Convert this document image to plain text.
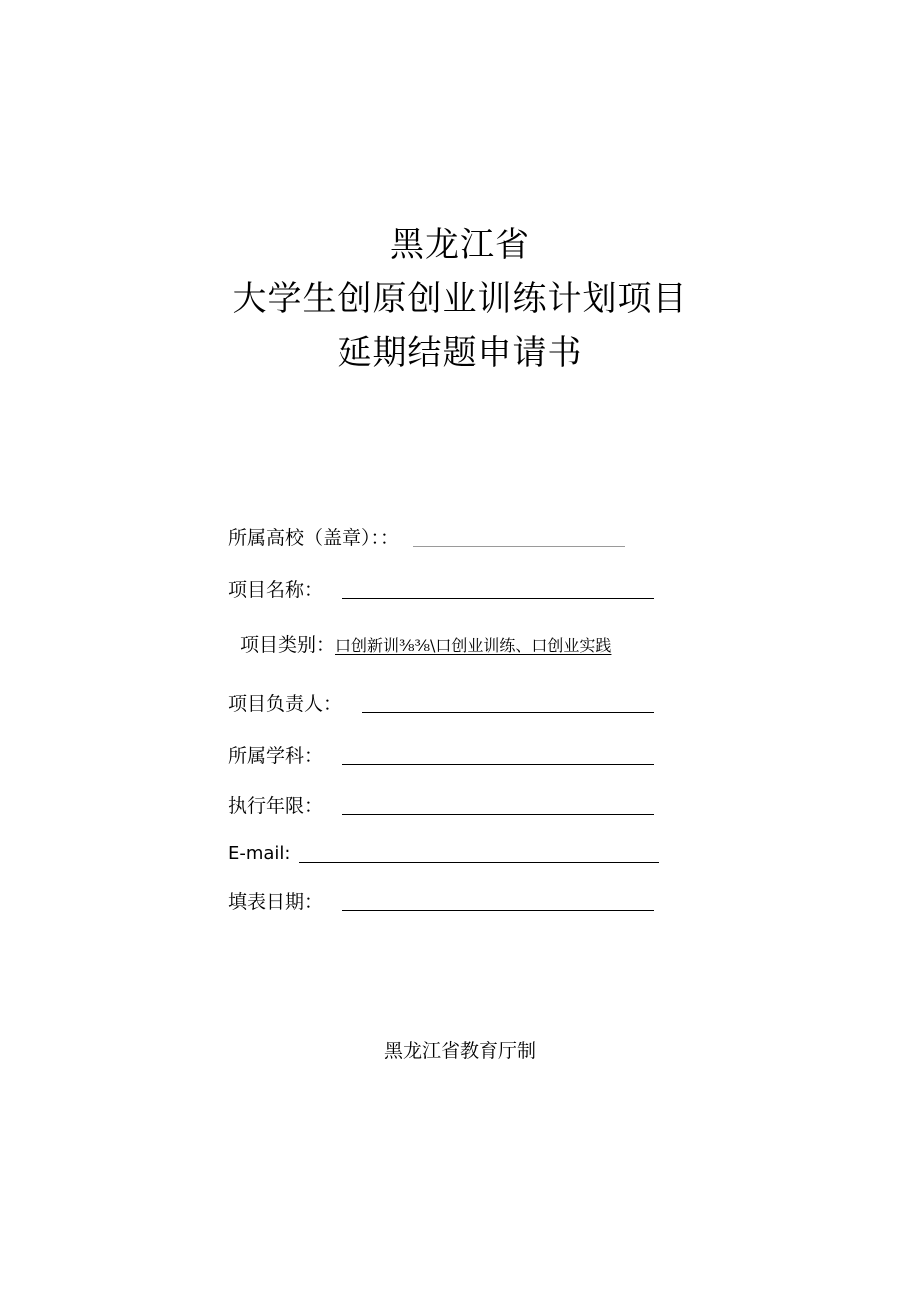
黑龙江省
大学生创原创业训练计划项目
延期结题申请书
所属高校（盖章）：：
项目名称：
项目类别：口创新训⅜⅜\口创业训练、口创业实践
项目负责人：
所属学科：
执行年限：
E-mail:
填表日期：
黑龙江省教育厅制
